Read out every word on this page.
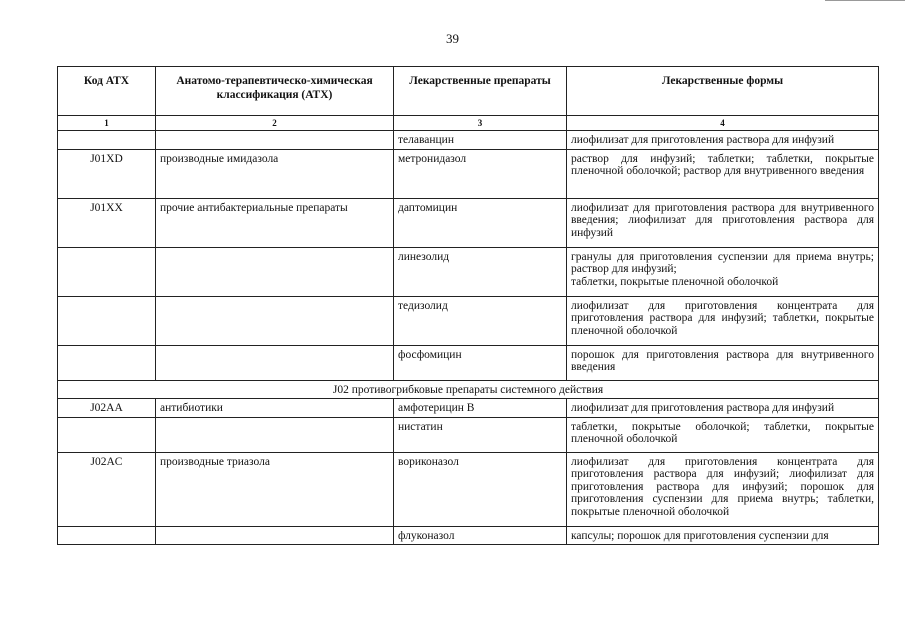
39
Код АТХ	Анатомо-терапевтическо-химическая классификация (АТХ)	Лекарственные препараты	Лекарственные формы
1	2	3	4
		телаванцин	лиофилизат для приготовления раствора для инфузий
J01XD	производные имидазола	метронидазол	раствор для инфузий; таблетки; таблетки, покрытые пленочной оболочкой; раствор для внутривенного введения
J01XX	прочие антибактериальные препараты	даптомицин	лиофилизат для приготовления раствора для внутривенного введения; лиофилизат для приготовления раствора для инфузий
		линезолид	гранулы для приготовления суспензии для приема внутрь; раствор для инфузий;
таблетки, покрытые пленочной оболочкой
		тедизолид	лиофилизат для приготовления концентрата для приготовления раствора для инфузий; таблетки, покрытые пленочной оболочкой
		фосфомицин	порошок для приготовления раствора для внутривенного введения
J02 противогрибковые препараты системного действия			
J02AA	антибиотики	амфотерицин В	лиофилизат для приготовления раствора для инфузий
		нистатин	таблетки, покрытые оболочкой; таблетки, покрытые пленочной оболочкой
J02AC	производные триазола	вориконазол	лиофилизат для приготовления концентрата для приготовления раствора для инфузий; лиофилизат для приготовления раствора для инфузий; порошок для приготовления суспензии для приема внутрь; таблетки, покрытые пленочной оболочкой
		флуконазол	капсулы; порошок для приготовления суспензии для
